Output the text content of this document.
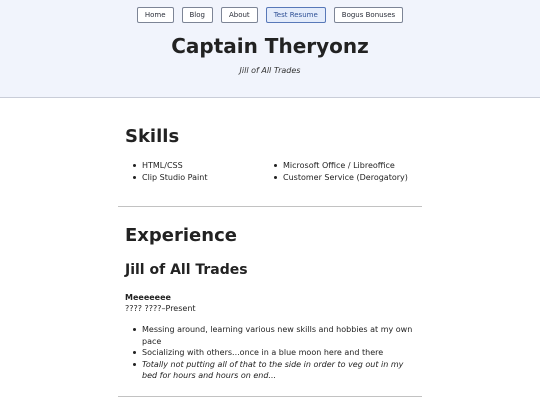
Home	Blog	About	Test Resume	Bogus Bonuses
Captain Theryonz
Jill of All Trades
Skills
HTML/CSS
Clip Studio Paint
Microsoft Office / Libreoffice
Customer Service (Derogatory)
Experience
Jill of All Trades
Meeeeeee
???? ????–Present
Messing around, learning various new skills and hobbies at my own pace
Socializing with others...once in a blue moon here and there
Totally not putting all of that to the side in order to veg out in my bed for hours and hours on end...
